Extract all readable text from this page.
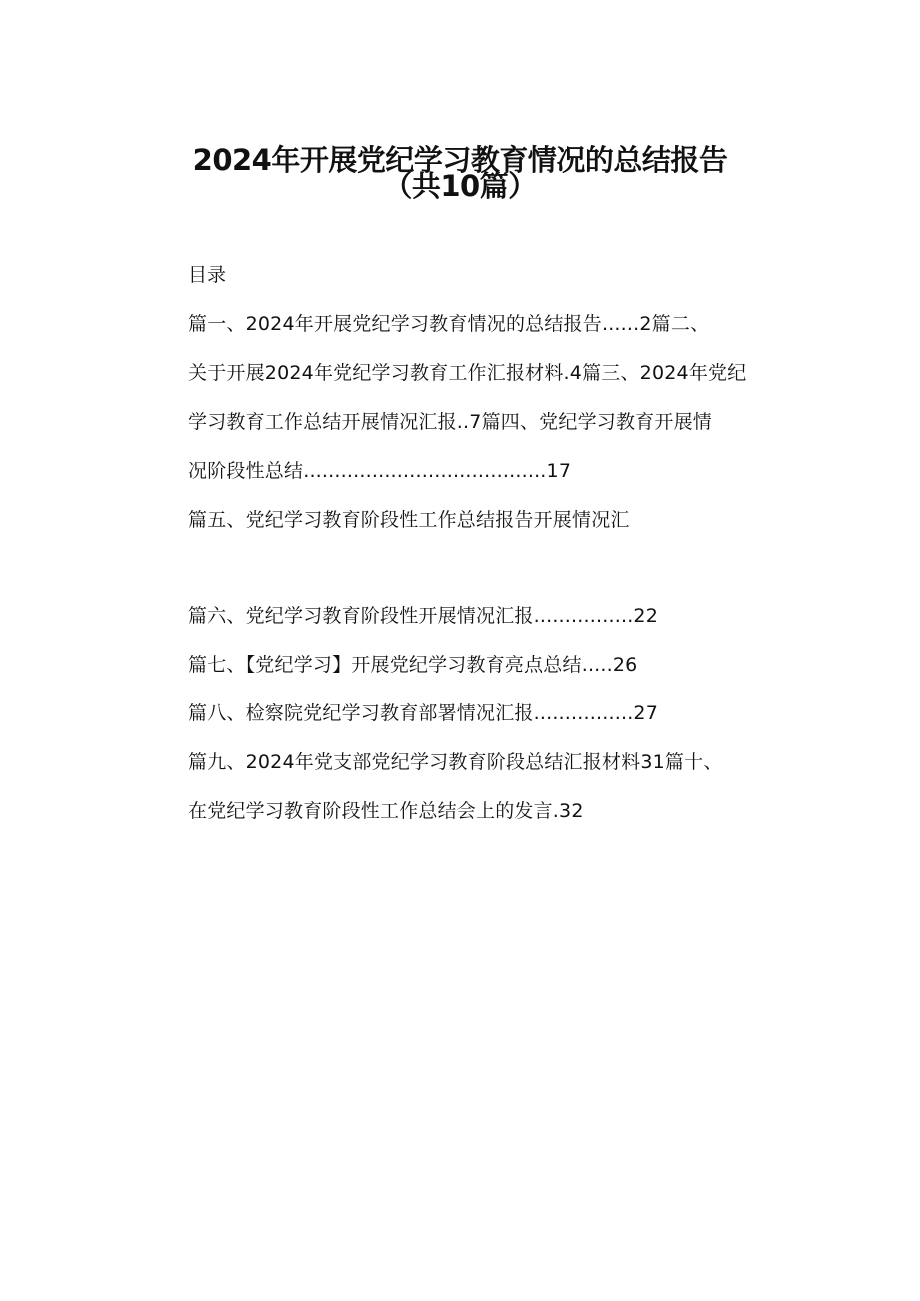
2024年开展党纪学习教育情况的总结报告
（共10篇）
目录
篇一、2024年开展党纪学习教育情况的总结报告......2篇二、
关于开展2024年党纪学习教育工作汇报材料.4篇三、2024年党纪
学习教育工作总结开展情况汇报..7篇四、党纪学习教育开展情
况阶段性总结.......................................17
篇五、党纪学习教育阶段性工作总结报告开展情况汇
篇六、党纪学习教育阶段性开展情况汇报................22
篇七、【党纪学习】开展党纪学习教育亮点总结.....26
篇八、检察院党纪学习教育部署情况汇报................27
篇九、2024年党支部党纪学习教育阶段总结汇报材料31篇十、
在党纪学习教育阶段性工作总结会上的发言.32
